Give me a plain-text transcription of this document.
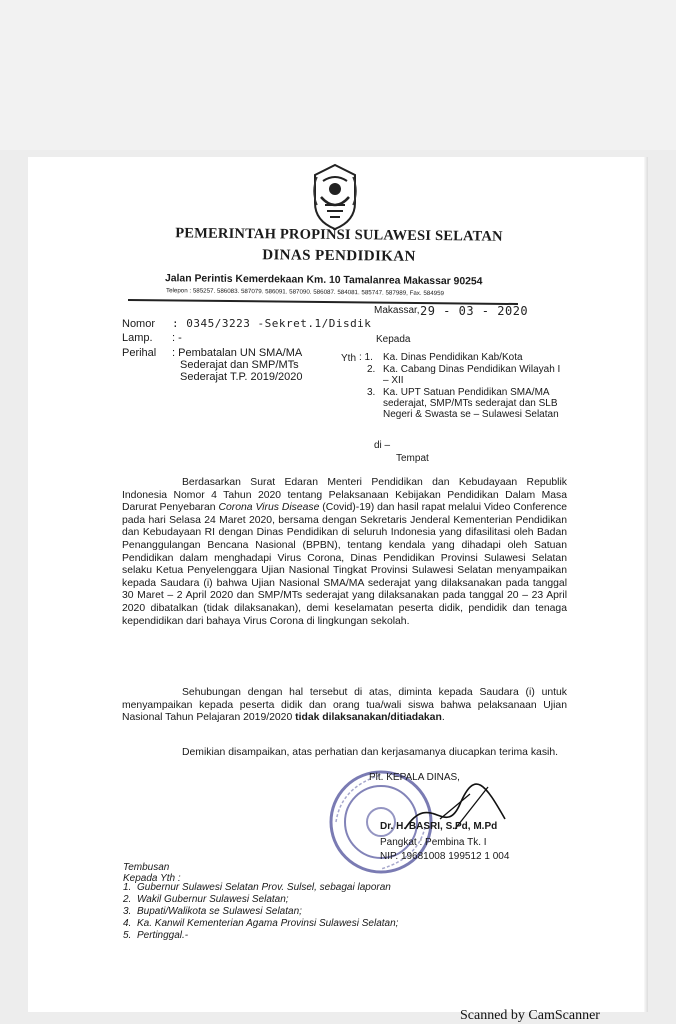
PEMERINTAH PROPINSI SULAWESI SELATAN
DINAS PENDIDIKAN
Jalan Perintis Kemerdekaan Km. 10 Tamalanrea Makassar 90254
Telepon : 585257. 586083. 587079. 586091. 587090. 586087. 584081. 585747. 587989, Fax. 584959
Nomor : 0345/3223 -Sekret.1/Disdik
Lamp. : -
Perihal : Pembatalan UN SMA/MA
Sederajat dan SMP/MTs
Sederajat T.P. 2019/2020
Makassar, 29 - 03 - 2020
Kepada
Yth : 1. Ka. Dinas Pendidikan Kab/Kota
2. Ka. Cabang Dinas Pendidikan Wilayah I – XII
3. Ka. UPT Satuan Pendidikan SMA/MA sederajat, SMP/MTs sederajat dan SLB Negeri & Swasta se – Sulawesi Selatan
di –
Tempat

Berdasarkan Surat Edaran Menteri Pendidikan dan Kebudayaan Republik Indonesia Nomor 4 Tahun 2020 tentang Pelaksanaan Kebijakan Pendidikan Dalam Masa Darurat Penyebaran Corona Virus Disease (Covid)-19) dan hasil rapat melalui Video Conference pada hari Selasa 24 Maret 2020, bersama dengan Sekretaris Jenderal Kementerian Pendidikan dan Kebudayaan RI dengan Dinas Pendidikan di seluruh Indonesia yang difasilitasi oleh Badan Penanggulangan Bencana Nasional (BPBN), tentang kendala yang dihadapi oleh Satuan Pendidikan dalam menghadapi Virus Corona, Dinas Pendidikan Provinsi Sulawesi Selatan selaku Ketua Penyelenggara Ujian Nasional Tingkat Provinsi Sulawesi Selatan menyampaikan kepada Saudara (i) bahwa Ujian Nasional SMA/MA sederajat yang dilaksanakan pada tanggal 30 Maret – 2 April 2020 dan SMP/MTs sederajat yang dilaksanakan pada tanggal 20 – 23 April 2020 dibatalkan (tidak dilaksanakan), demi keselamatan peserta didik, pendidik dan tenaga kependidikan dari bahaya Virus Corona di lingkungan sekolah.

Sehubungan dengan hal tersebut di atas, diminta kepada Saudara (i) untuk menyampaikan kepada peserta didik dan orang tua/wali siswa bahwa pelaksanaan Ujian Nasional Tahun Pelajaran 2019/2020 tidak dilaksanakan/ditiadakan.

Demikian disampaikan, atas perhatian dan kerjasamanya diucapkan terima kasih.

Plt. KEPALA DINAS,
Dr. H. BASRI, S.Pd, M.Pd
Pangkat : Pembina Tk. I
NIP. 19681008 199512 1 004
Tembusan
Kepada Yth :
1. Gubernur Sulawesi Selatan Prov. Sulsel, sebagai laporan
2. Wakil Gubernur Sulawesi Selatan;
3. Bupati/Walikota se Sulawesi Selatan;
4. Ka. Kanwil Kementerian Agama Provinsi Sulawesi Selatan;
5. Pertinggal.-
Scanned by CamScanner
